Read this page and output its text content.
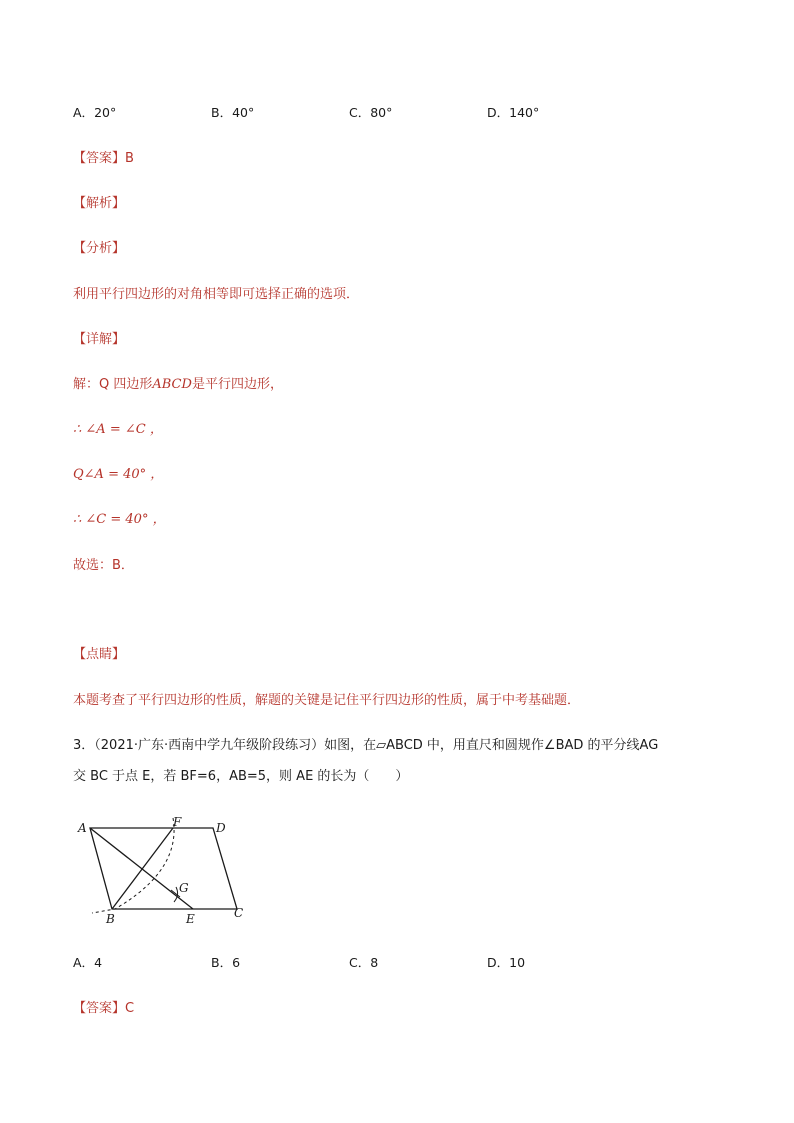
A．20°	B．40°	C．80°	D．140°
【答案】B
【解析】
【分析】
利用平行四边形的对角相等即可选择正确的选项．
【详解】
解：Q 四边形ABCD是平行四边形，
∴ ∠A = ∠C ，
Q∠A = 40° ，
∴ ∠C = 40° ，
故选：B．
【点睛】
本题考查了平行四边形的性质，解题的关键是记住平行四边形的性质，属于中考基础题．
3．（2021·广东·西南中学九年级阶段练习）如图，在▱ABCD 中，用直尺和圆规作∠BAD 的平分线AG
交 BC 于点 E，若 BF=6，AB=5，则 AE 的长为（　　）
A	D
F
G
B	E	C
A．4	B．6	C．8	D．10
【答案】C
